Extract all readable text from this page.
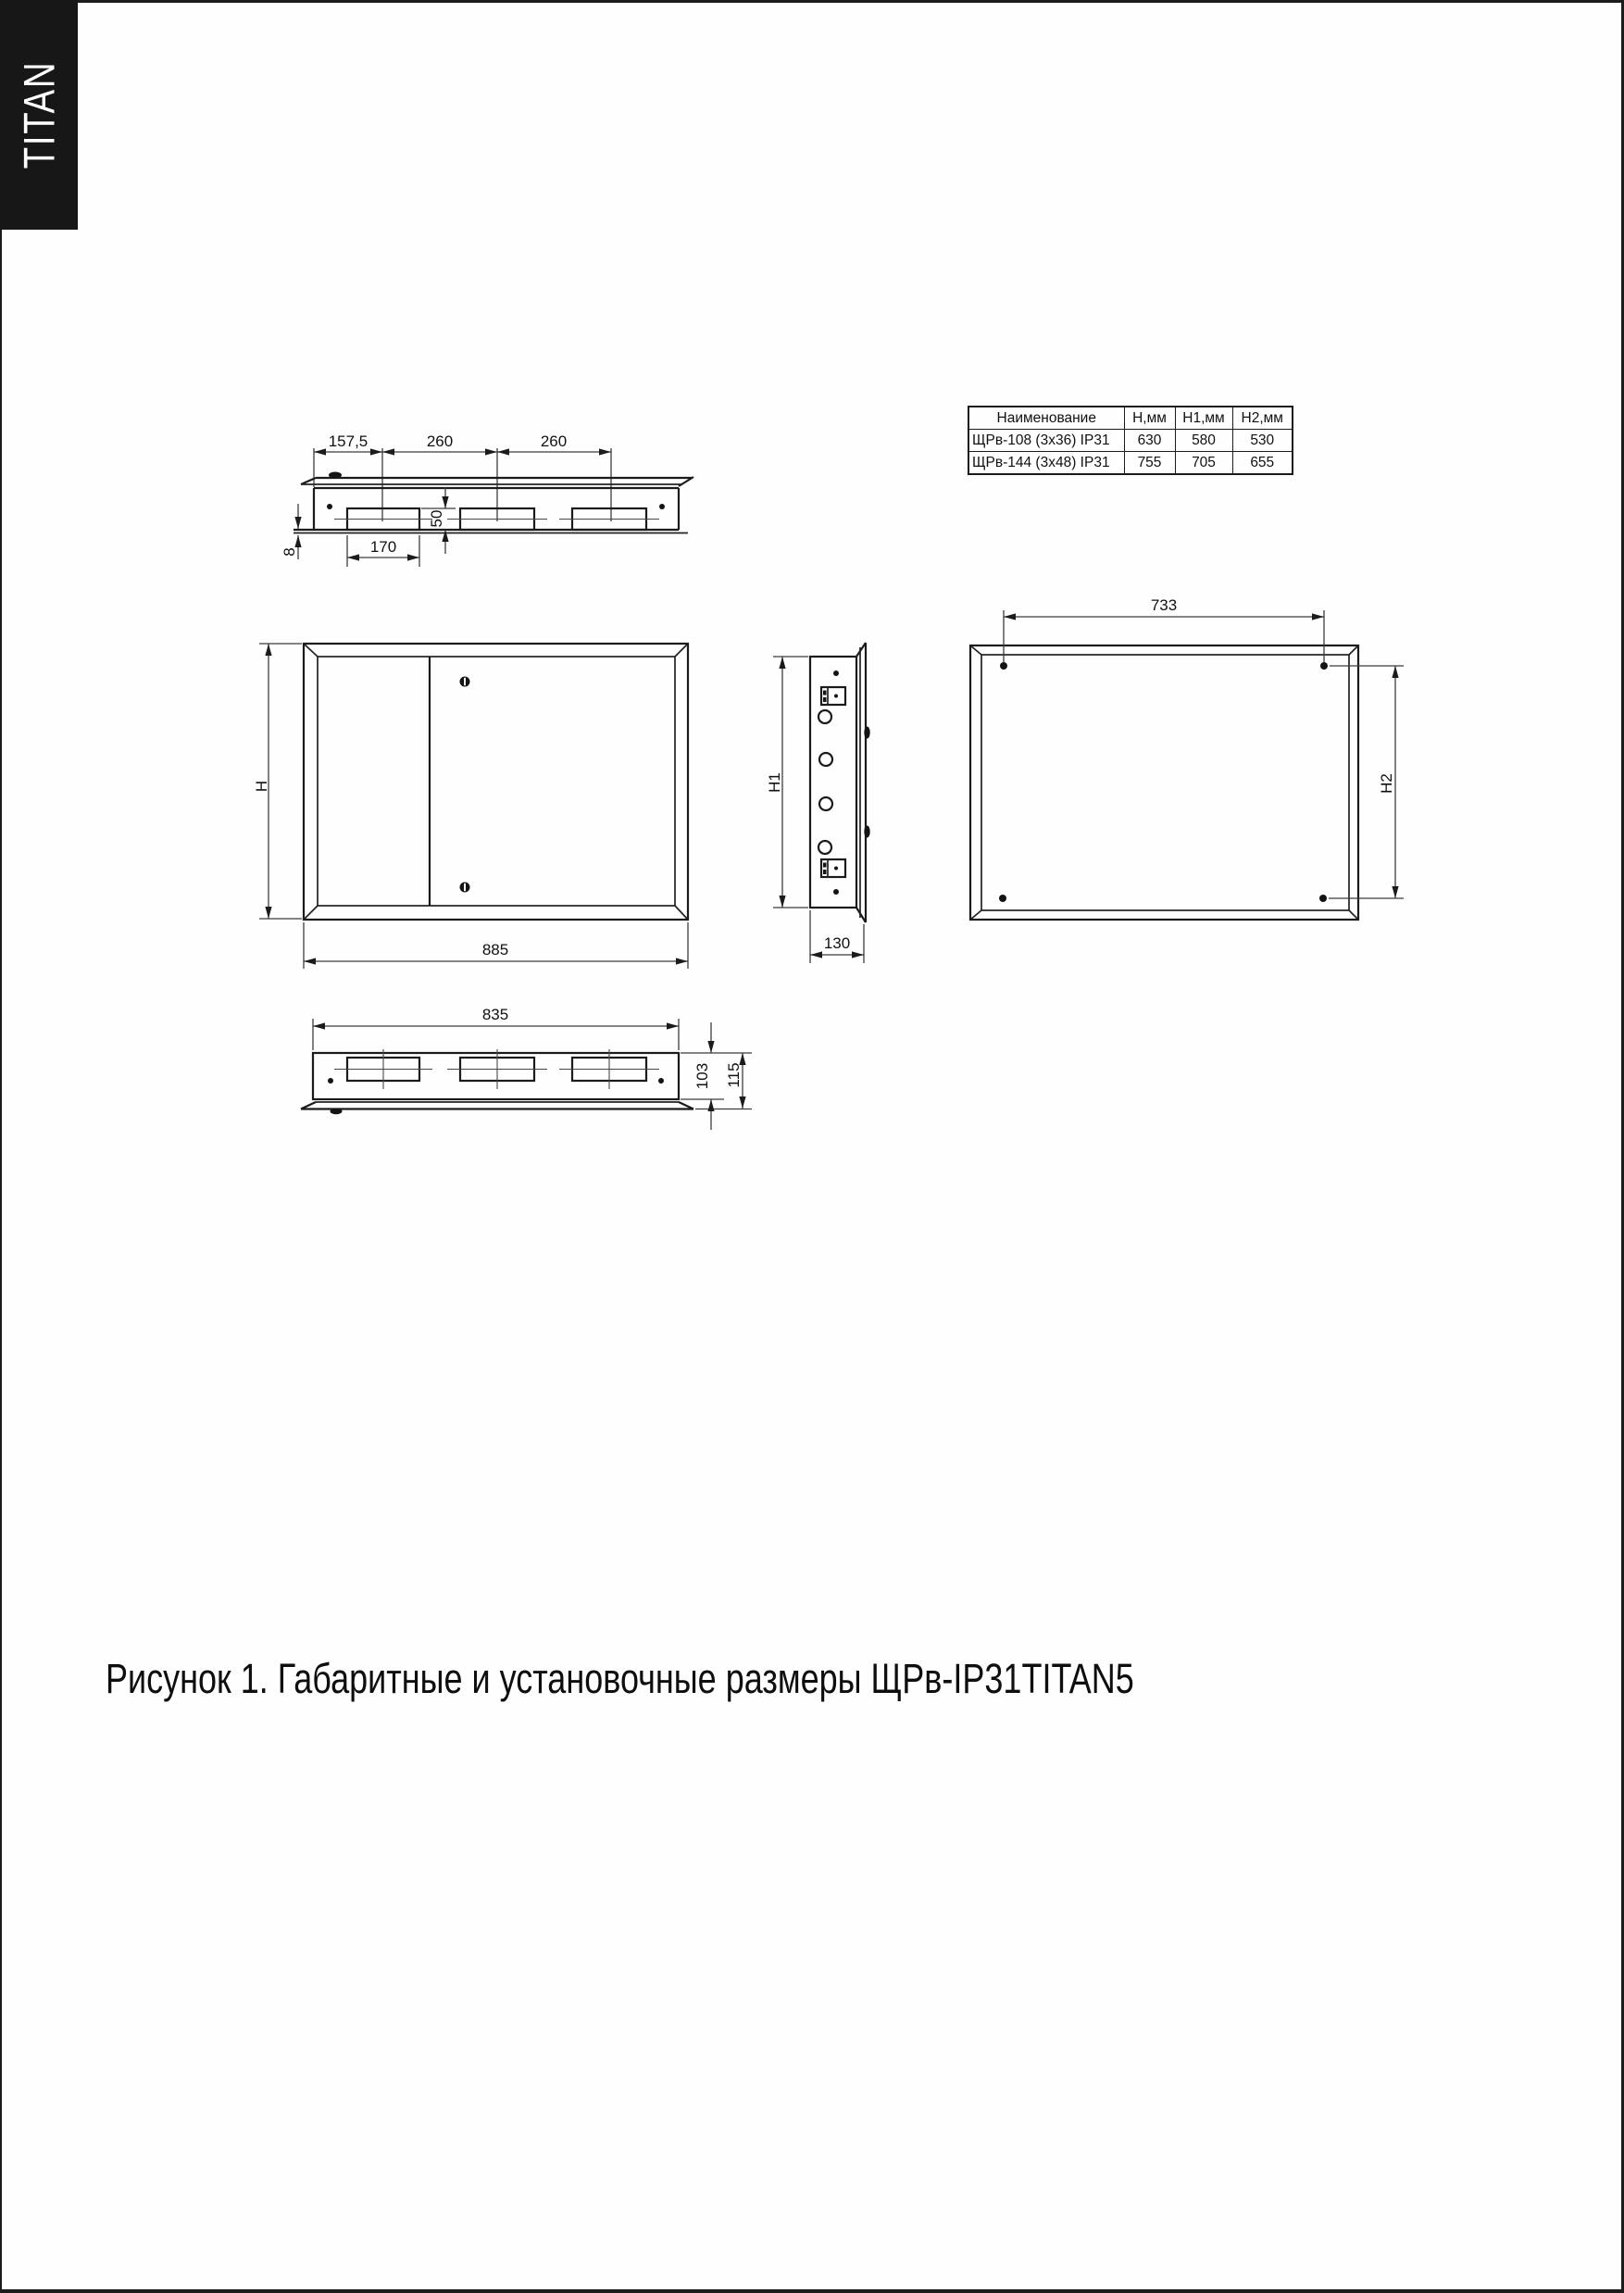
TITAN
Наименование	Н,мм	Н1,мм	Н2,мм
ЩРв-108 (3х36) IP31	630	580	530
ЩРв-144 (3х48) IP31	755	705	655
157,5	260	260
50
8	170
H
885
H1
130
733
H2
835
103 115
Рисунок 1. Габаритные и установочные размеры ЩРв-IP31TITAN5
